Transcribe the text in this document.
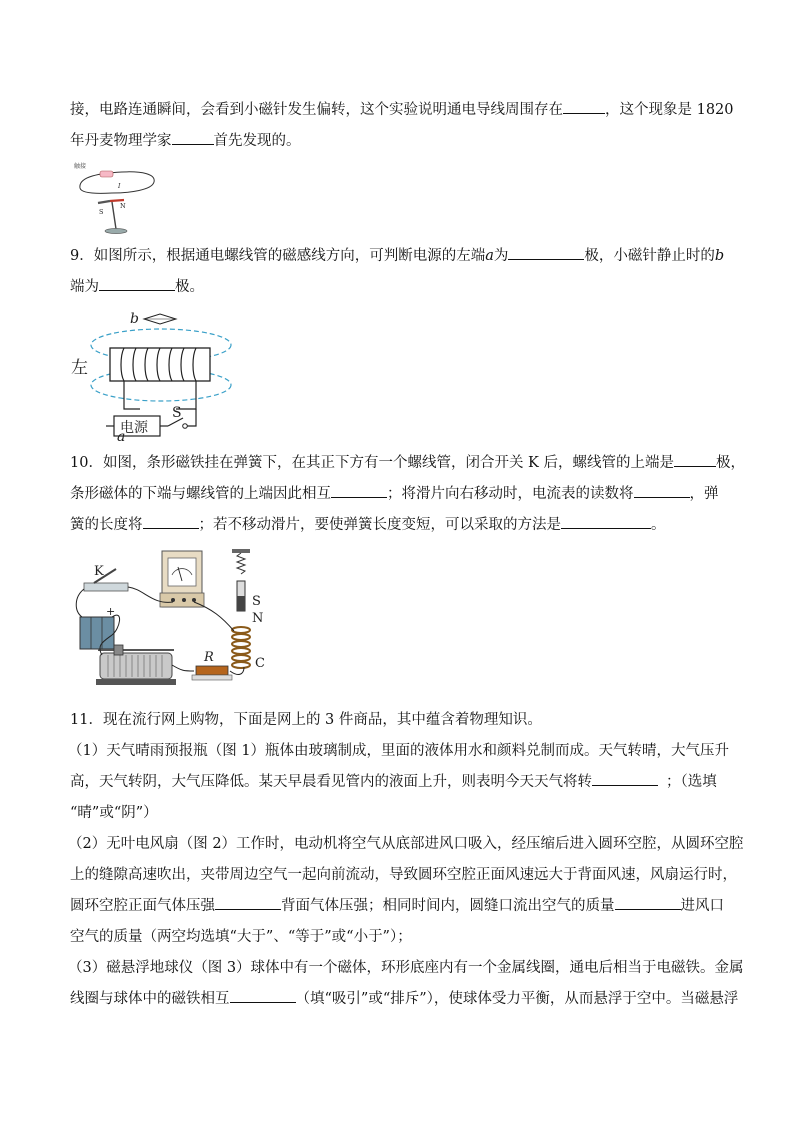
接，电路连通瞬间，会看到小磁针发生偏转，这个实验说明通电导线周围存在	，这个现象是 1820
年丹麦物理学家	首先发现的。
触接
I
S
N
9．如图所示，根据通电螺线管的磁感线方向，可判断电源的左端a为	极，小磁针静止时的b
端为	极。
b
左
电源
S
a
10．如图，条形磁铁挂在弹簧下，在其正下方有一个螺线管，闭合开关 K 后，螺线管的上端是	极，
条形磁体的下端与螺线管的上端因此相互	；将滑片向右移动时，电流表的读数将	，弹
簧的长度将	；若不移动滑片，要使弹簧长度变短，可以采取的方法是	。
K
S
N
C
+
R
11．现在流行网上购物，下面是网上的 3 件商品，其中蕴含着物理知识。
（1）天气晴雨预报瓶（图 1）瓶体由玻璃制成，里面的液体用水和颜料兑制而成。天气转晴，大气压升
高，天气转阴，大气压降低。某天早晨看见管内的液面上升，则表明今天天气将转	；（选填
“晴”或“阴”）
（2）无叶电风扇（图 2）工作时，电动机将空气从底部进风口吸入，经压缩后进入圆环空腔，从圆环空腔
上的缝隙高速吹出，夹带周边空气一起向前流动，导致圆环空腔正面风速远大于背面风速，风扇运行时，
圆环空腔正面气体压强	背面气体压强；相同时间内，圆缝口流出空气的质量	进风口
空气的质量（两空均选填“大于”、“等于”或“小于”）；
（3）磁悬浮地球仪（图 3）球体中有一个磁体，环形底座内有一个金属线圈，通电后相当于电磁铁。金属
线圈与球体中的磁铁相互	（填“吸引”或“排斥”），使球体受力平衡，从而悬浮于空中。当磁悬浮
